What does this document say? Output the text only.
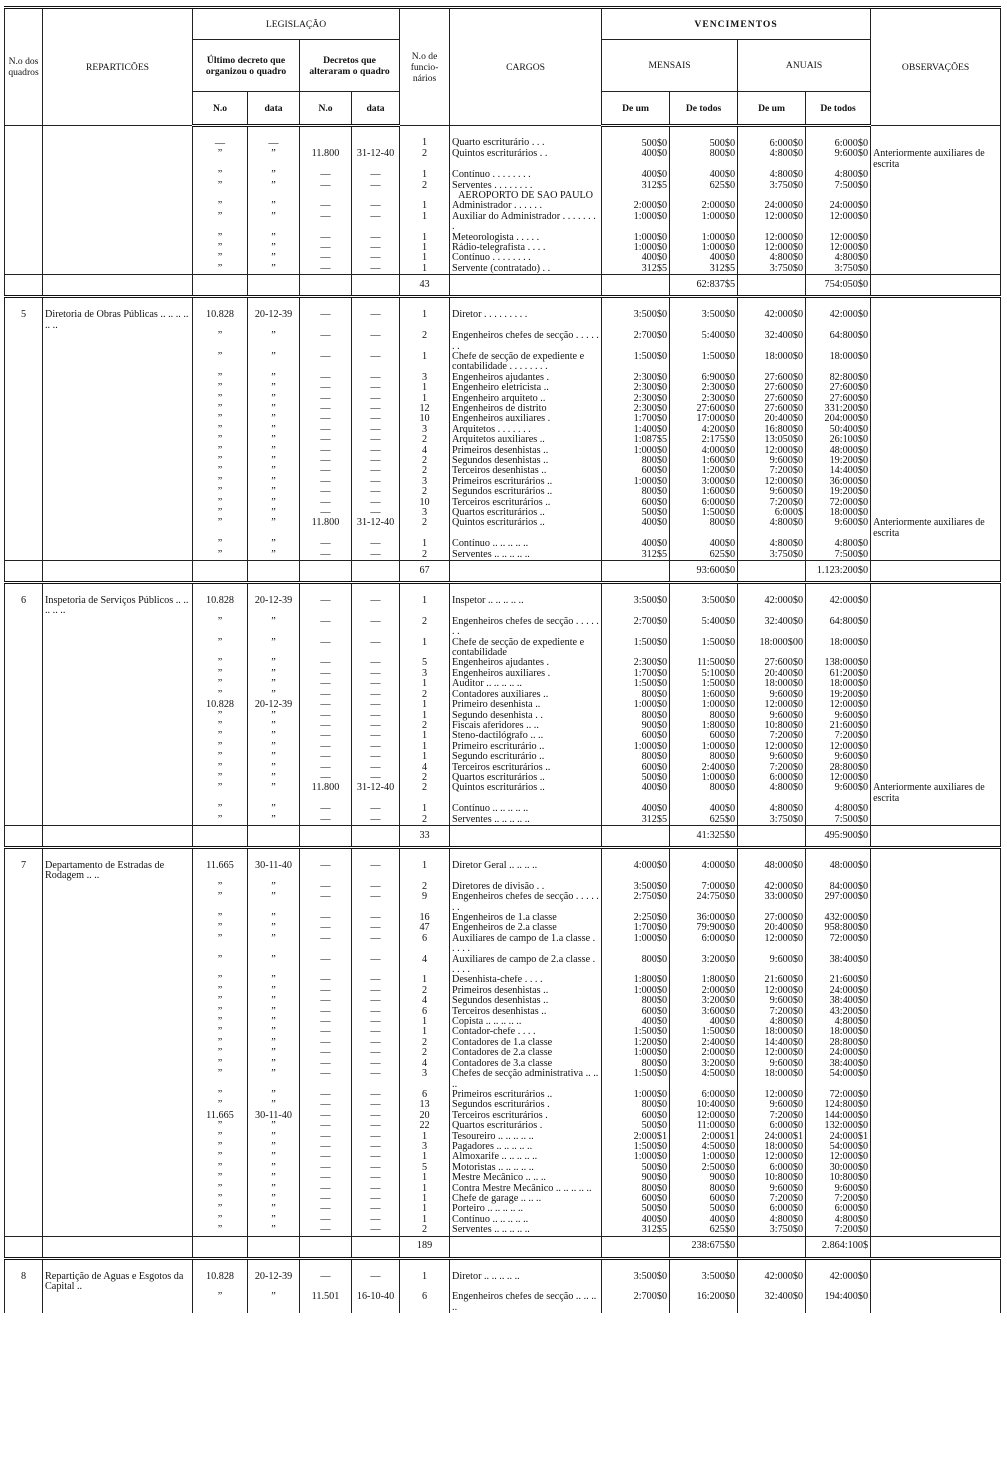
N.o dos quadros	REPARTICÕES	LEGISLAÇÃO				N.o de funcio- nários	CARGOS	VENCIMENTOS				OBSERVAÇÕES
		Último decreto que organizou o quadro		Decretos que alteraram o quadro				MENSAIS		ANUAIS		
		N.o	data	N.o	data			De um	De todos	De um	De todos	
		—	—			1	Quarto escriturário . . .	500$0	500$0	6:000$0	6:000$0	
		”	”	11.800	31-12-40	2	Quintos escriturários . .	400$0	800$0	4:800$0	9:600$0	Anteriormente auxiliares de escrita
		”	”	—	—	1	Contínuo . . . . . . . .	400$0	400$0	4:800$0	4:800$0	
		”	”	—	—	2	Serventes . . . . . . . .	312$5	625$0	3:750$0	7:500$0	
							AEROPORTO DE SÃO PAULO					
		”	”	—	—	1	Administrador . . . . . .	2:000$0	2:000$0	24:000$0	24:000$0	
		”	”	—	—	1	Auxiliar do Administrador . . . . . . . .	1:000$0	1:000$0	12:000$0	12:000$0	
		”	”	—	—	1	Meteorologista . . . . .	1:000$0	1:000$0	12:000$0	12:000$0	
		”	”	—	—	1	Rádio-telegrafista . . . .	1:000$0	1:000$0	12:000$0	12:000$0	
		”	”	—	—	1	Contínuo . . . . . . . .	400$0	400$0	4:800$0	4:800$0	
		”	”	—	—	1	Servente (contratado) . .	312$5	312$5	3:750$0	3:750$0	
						43			62:837$5		754:050$0	
5	Diretoria de Obras Públicas .. .. .. .. .. ..	10.828	20-12-39	—	—	1	Diretor . . . . . . . . .	3:500$0	3:500$0	42:000$0	42:000$0	
		”	”	—	—	2	Engenheiros chefes de secção . . . . . . .	2:700$0	5:400$0	32:400$0	64:800$0	
		”	”	—	—	1	Chefe de secção de expediente e contabilidade . . . . . . . .	1:500$0	1:500$0	18:000$0	18:000$0	
		”	”	—	—	3	Engenheiros ajudantes .	2:300$0	6:900$0	27:600$0	82:800$0	
		”	”	—	—	1	Engenheiro eletricista ..	2:300$0	2:300$0	27:600$0	27:600$0	
		”	”	—	—	1	Engenheiro arquiteto ..	2:300$0	2:300$0	27:600$0	27:600$0	
		”	”	—	—	12	Engenheiros de distrito	2:300$0	27:600$0	27:600$0	331:200$0	
		”	”	—	—	10	Engenheiros auxiliares .	1:700$0	17:000$0	20:400$0	204:000$0	
		”	”	—	—	3	Arquitetos . . . . . . .	1:400$0	4:200$0	16:800$0	50:400$0	
		”	”	—	—	2	Arquitetos auxiliares ..	1:087$5	2:175$0	13:050$0	26:100$0	
		”	”	—	—	4	Primeiros desenhistas ..	1:000$0	4:000$0	12:000$0	48:000$0	
		”	”	—	—	2	Segundos desenhistas ..	800$0	1:600$0	9:600$0	19:200$0	
		”	”	—	—	2	Terceiros desenhistas ..	600$0	1:200$0	7:200$0	14:400$0	
		”	”	—	—	3	Primeiros escriturários ..	1:000$0	3:000$0	12:000$0	36:000$0	
		”	”	—	—	2	Segundos escriturários ..	800$0	1:600$0	9:600$0	19:200$0	
		”	”	—	—	10	Terceiros escriturários ..	600$0	6:000$0	7:200$0	72:000$0	
		”	”	—	—	3	Quartos escriturários ..	500$0	1:500$0	6:000$	18:000$0	
		”	”	11.800	31-12-40	2	Quintos escriturários ..	400$0	800$0	4:800$0	9:600$0	Anteriormente auxiliares de escrita
		”	”	—	—	1	Contínuo .. .. .. .. ..	400$0	400$0	4:800$0	4:800$0	
		”	”	—	—	2	Serventes .. .. .. .. ..	312$5	625$0	3:750$0	7:500$0	
						67			93:600$0		1.123:200$0	
6	Inspetoria de Serviços Públicos .. .. .. .. ..	10.828	20-12-39	—	—	1	Inspetor .. .. .. .. ..	3:500$0	3:500$0	42:000$0	42:000$0	
		”	”	—	—	2	Engenheiros chefes de secção . . . . . . .	2:700$0	5:400$0	32:400$0	64:800$0	
		”	”	—	—	1	Chefe de secção de expediente e contabilidade	1:500$0	1:500$0	18:000$00	18:000$0	
		”	”	—	—	5	Engenheiros ajudantes .	2:300$0	11:500$0	27:600$0	138:000$0	
		”	”	—	—	3	Engenheiros auxiliares .	1:700$0	5:100$0	20:400$0	61:200$0	
		”	”	—	—	1	Auditor .. .. .. .. ..	1:500$0	1:500$0	18:000$0	18:000$0	
		”	”	—	—	2	Contadores auxiliares ..	800$0	1:600$0	9:600$0	19:200$0	
		10.828	20-12-39	—	—	1	Primeiro desenhista ..	1:000$0	1:000$0	12:000$0	12:000$0	
		”	”	—	—	1	Segundo desenhista . .	800$0	800$0	9:600$0	9:600$0	
		”	”	—	—	2	Fiscais aferidores .. ..	900$0	1:800$0	10:800$0	21:600$0	
		”	”	—	—	1	Steno-dactilógrafo .. ..	600$0	600$0	7:200$0	7:200$0	
		”	”	—	—	1	Primeiro escriturário ..	1:000$0	1:000$0	12:000$0	12:000$0	
		”	”	—	—	1	Segundo escriturário ..	800$0	800$0	9:600$0	9:600$0	
		”	”	—	—	4	Terceiros escriturários ..	600$0	2:400$0	7:200$0	28:800$0	
		”	”	—	—	2	Quartos escriturários ..	500$0	1:000$0	6:000$0	12:000$0	
		”	”	11.800	31-12-40	2	Quintos escriturários ..	400$0	800$0	4:800$0	9:600$0	Anteriormente auxiliares de escrita
		”	”	—	—	1	Contínuo .. .. .. .. ..	400$0	400$0	4:800$0	4:800$0	
		”	”	—	—	2	Serventes .. .. .. .. ..	312$5	625$0	3:750$0	7:500$0	
						33			41:325$0		495:900$0	
7	Departamento de Estradas de Rodagem .. ..	11.665	30-11-40	—	—	1	Diretor Geral .. .. .. ..	4:000$0	4:000$0	48:000$0	48:000$0	
		”	”	—	—	2	Diretores de divisão . .	3:500$0	7:000$0	42:000$0	84:000$0	
		”	”	—	—	9	Engenheiros chefes de secção . . . . . . .	2:750$0	24:750$0	33:000$0	297:000$0	
		”	”	—	—	16	Engenheiros de 1.a classe	2:250$0	36:000$0	27:000$0	432:000$0	
		”	”	—	—	47	Engenheiros de 2.a classe	1:700$0	79:900$0	20:400$0	958:800$0	
		”	”	—	—	6	Auxiliares de campo de 1.a classe . . . . .	1:000$0	6:000$0	12:000$0	72:000$0	
		”	”	—	—	4	Auxiliares de campo de 2.a classe . . . . .	800$0	3:200$0	9:600$0	38:400$0	
		”	”	—	—	1	Desenhista-chefe . . . .	1:800$0	1:800$0	21:600$0	21:600$0	
		”	”	—	—	2	Primeiros desenhistas ..	1:000$0	2:000$0	12:000$0	24:000$0	
		”	”	—	—	4	Segundos desenhistas ..	800$0	3:200$0	9:600$0	38:400$0	
		”	”	—	—	6	Terceiros desenhistas ..	600$0	3:600$0	7:200$0	43:200$0	
		”	”	—	—	1	Copista .. .. .. .. ..	400$0	400$0	4:800$0	4:800$0	
		”	”	—	—	1	Contador-chefe . . . .	1:500$0	1:500$0	18:000$0	18:000$0	
		”	”	—	—	2	Contadores de 1.a classe	1:200$0	2:400$0	14:400$0	28:800$0	
		”	”	—	—	2	Contadores de 2.a classe	1:000$0	2:000$0	12:000$0	24:000$0	
		”	”	—	—	4	Contadores de 3.a classe	800$0	3:200$0	9:600$0	38:400$0	
		”	”	—	—	3	Chefes de secção administrativa .. .. ..	1:500$0	4:500$0	18:000$0	54:000$0	
		”	”	—	—	6	Primeiros escriturários ..	1:000$0	6:000$0	12:000$0	72:000$0	
		”	”	—	—	13	Segundos escriturários .	800$0	10:400$0	9:600$0	124:800$0	
		11.665	30-11-40	—	—	20	Terceiros escriturários .	600$0	12:000$0	7:200$0	144:000$0	
		”	”	—	—	22	Quartos escriturários .	500$0	11:000$0	6:000$0	132:000$0	
		”	”	—	—	1	Tesoureiro .. .. .. .. ..	2:000$1	2:000$1	24:000$1	24:000$1	
		”	”	—	—	3	Pagadores .. .. .. .. ..	1:500$0	4:500$0	18:000$0	54:000$0	
		”	”	—	—	1	Almoxarife .. .. .. .. ..	1:000$0	1:000$0	12:000$0	12:000$0	
		”	”	—	—	5	Motoristas .. .. .. .. ..	500$0	2:500$0	6:000$0	30:000$0	
		”	”	—	—	1	Mestre Mecânico .. .. ..	900$0	900$0	10:800$0	10:800$0	
		”	”	—	—	1	Contra Mestre Mecânico .. .. .. .. ..	800$0	800$0	9:600$0	9:600$0	
		”	”	—	—	1	Chefe de garage .. .. ..	600$0	600$0	7:200$0	7:200$0	
		”	”	—	—	1	Porteiro .. .. .. .. ..	500$0	500$0	6:000$0	6:000$0	
		”	”	—	—	1	Contínuo .. .. .. .. ..	400$0	400$0	4:800$0	4:800$0	
		”	”	—	—	2	Serventes .. .. .. .. ..	312$5	625$0	3:750$0	7:200$0	
						189			238:675$0		2.864:100$	
8	Repartição de Aguas e Esgotos da Capital ..	10.828	20-12-39	—	—	1	Diretor .. .. .. .. ..	3:500$0	3:500$0	42:000$0	42:000$0	
		”	”	11.501	16-10-40	6	Engenheiros chefes de secção .. .. .. ..	2:700$0	16:200$0	32:400$0	194:400$0	
